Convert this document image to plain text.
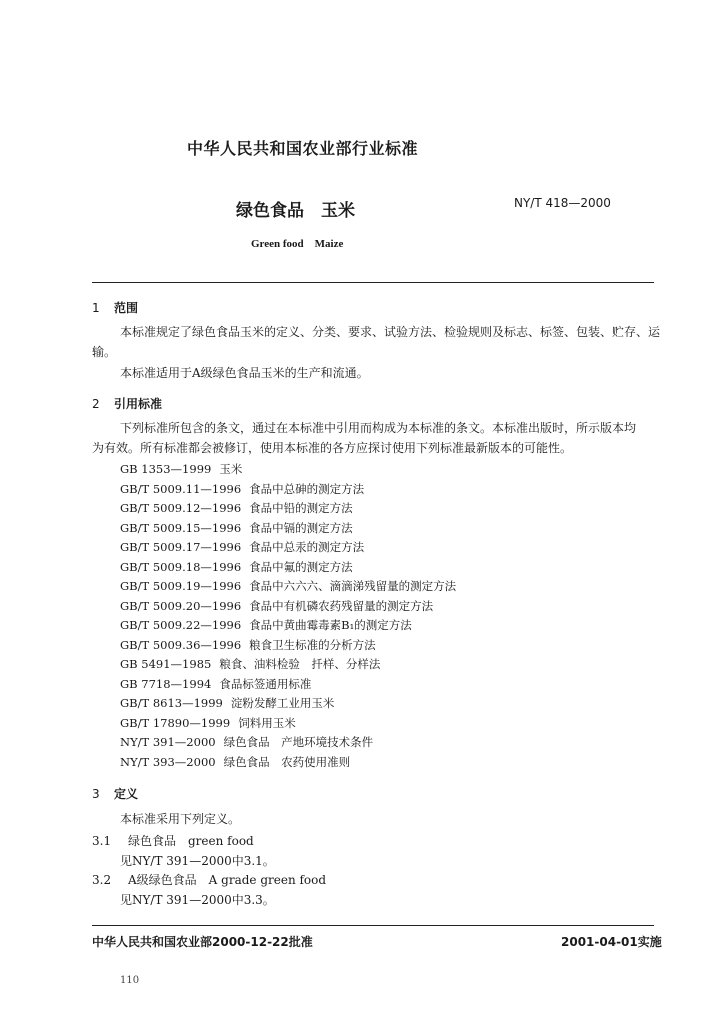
中华人民共和国农业部行业标准
绿色食品　玉米	NY/T 418—2000
Green food　Maize
1 范围
本标准规定了绿色食品玉米的定义、分类、要求、试验方法、检验规则及标志、标签、包装、贮存、运
输。
本标准适用于A级绿色食品玉米的生产和流通。
2 引用标准
下列标准所包含的条文，通过在本标准中引用而构成为本标准的条文。本标准出版时，所示版本均
为有效。所有标准都会被修订，使用本标准的各方应探讨使用下列标准最新版本的可能性。
GB 1353—1999 玉米
GB/T 5009.11—1996 食品中总砷的测定方法
GB/T 5009.12—1996 食品中铅的测定方法
GB/T 5009.15—1996 食品中镉的测定方法
GB/T 5009.17—1996 食品中总汞的测定方法
GB/T 5009.18—1996 食品中氟的测定方法
GB/T 5009.19—1996 食品中六六六、滴滴涕残留量的测定方法
GB/T 5009.20—1996 食品中有机磷农药残留量的测定方法
GB/T 5009.22—1996 食品中黄曲霉毒素B₁的测定方法
GB/T 5009.36—1996 粮食卫生标准的分析方法
GB 5491—1985 粮食、油料检验　扦样、分样法
GB 7718—1994 食品标签通用标准
GB/T 8613—1999 淀粉发酵工业用玉米
GB/T 17890—1999 饲料用玉米
NY/T 391—2000 绿色食品　产地环境技术条件
NY/T 393—2000 绿色食品　农药使用准则
3 定义
本标准采用下列定义。
3.1 绿色食品　green food
见NY/T 391—2000中3.1。
3.2 A级绿色食品　A grade green food
见NY/T 391—2000中3.3。
中华人民共和国农业部2000-12-22批准	2001-04-01实施
110
